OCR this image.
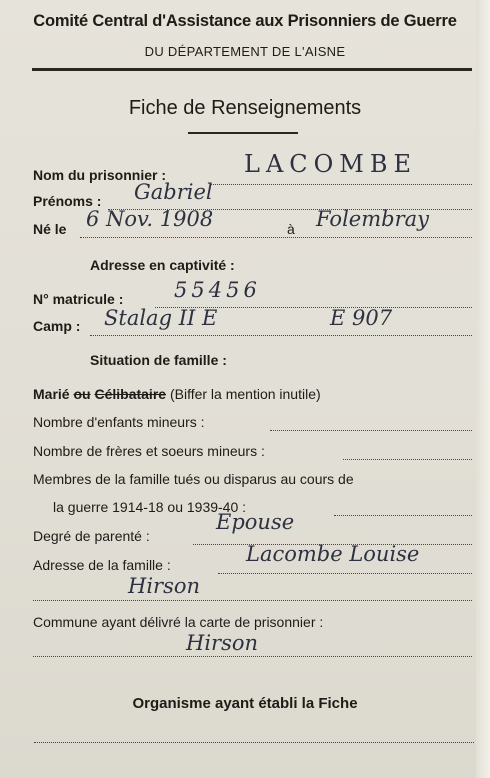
Comité Central d'Assistance aux Prisonniers de Guerre
DU DÉPARTEMENT DE L'AISNE
Fiche de Renseignements
Nom du prisonnier :	LACOMBE
Prénoms : Gabriel
Né le 6 Nov. 1908	à Folembray
Adresse en captivité :
N° matricule : 55456
Camp : Stalag II E	E 907
Situation de famille :
Marié ou Célibataire (Biffer la mention inutile)
Nombre d'enfants mineurs :
Nombre de frères et soeurs mineurs :
Membres de la famille tués ou disparus au cours de
la guerre 1914-18 ou 1939-40 :
Degré de parenté :
Epouse
Adresse de la famille :	Lacombe Louise
Hirson
Commune ayant délivré la carte de prisonnier :
Hirson
Organisme ayant établi la Fiche
